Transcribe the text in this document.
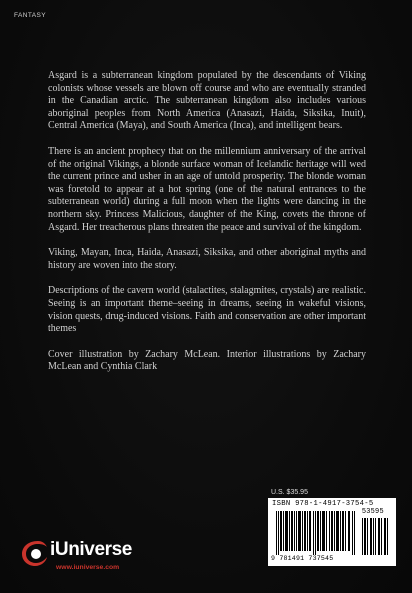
FANTASY

Asgard is a subterranean kingdom populated by the descendants of Viking colonists whose vessels are blown off course and who are eventually stranded in the Canadian arctic. The subterranean kingdom also includes various aboriginal peoples from North America (Anasazi, Haida, Siksika, Inuit), Central America (Maya), and South America (Inca), and intelligent bears.

There is an ancient prophecy that on the millennium anniversary of the arrival of the original Vikings, a blonde surface woman of Icelandic heritage will wed the current prince and usher in an age of untold prosperity. The blonde woman was foretold to appear at a hot spring (one of the natural entrances to the subterranean world) during a full moon when the lights were dancing in the northern sky. Princess Malicious, daughter of the King, covets the throne of Asgard. Her treacherous plans threaten the peace and survival of the kingdom.

Viking, Mayan, Inca, Haida, Anasazi, Siksika, and other aboriginal myths and history are woven into the story.

Descriptions of the cavern world (stalactites, stalagmites, crystals) are realistic. Seeing is an important theme–seeing in dreams, seeing in wakeful visions, vision quests, drug-induced visions. Faith and conservation are other important themes

Cover illustration by Zachary McLean. Interior illustrations by Zachary McLean and Cynthia Clark

U.S. $35.95
ISBN 978-1-4917-3754-5
53595
9 781491 737545
iUniverse
www.iuniverse.com
